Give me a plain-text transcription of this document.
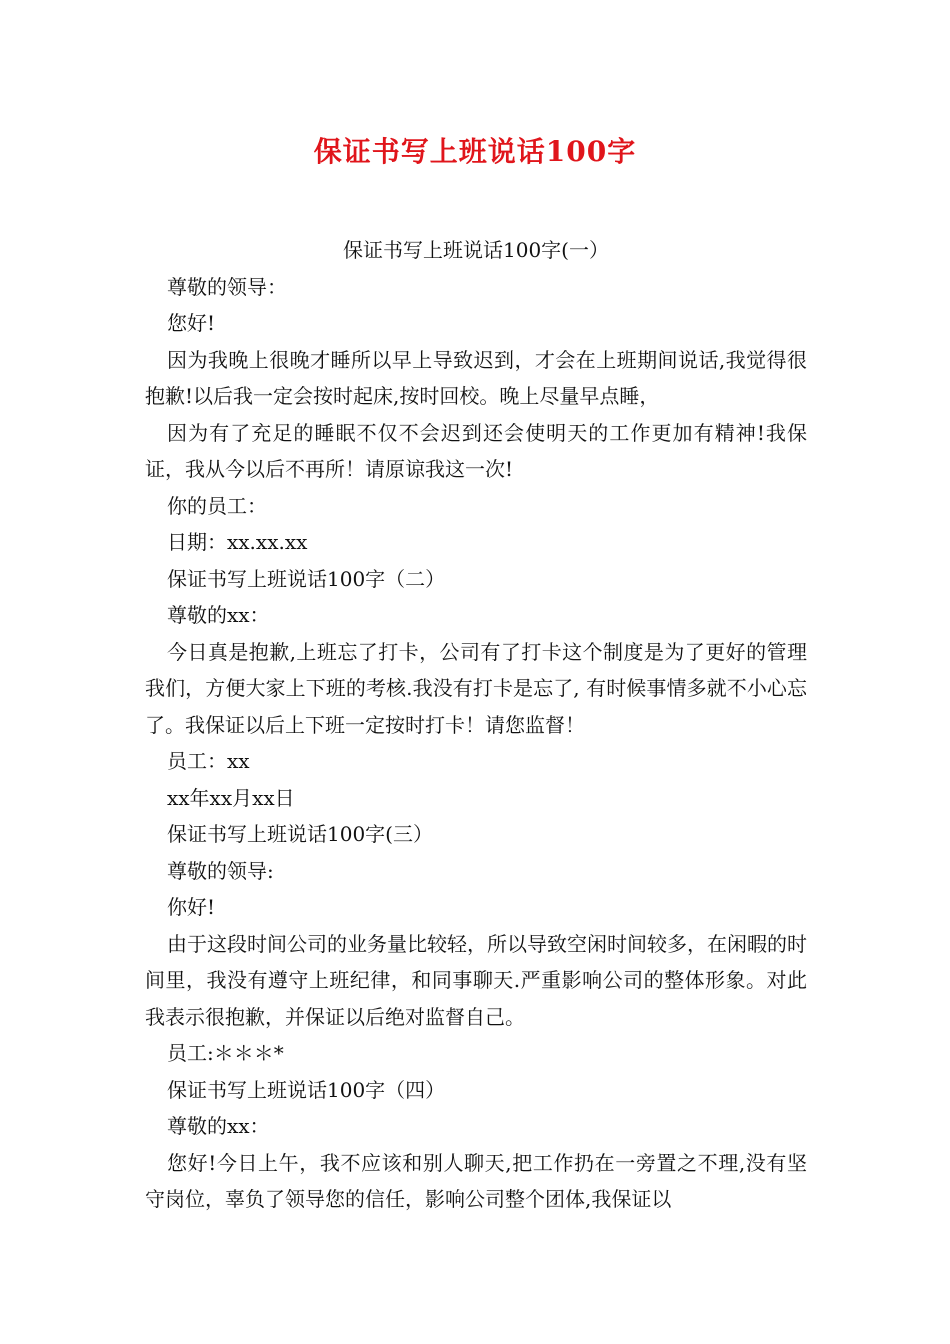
保证书写上班说话100字
保证书写上班说话100字(一）
尊敬的领导：
您好!
因为我晚上很晚才睡所以早上导致迟到，才会在上班期间说话,我觉得很抱歉!以后我一定会按时起床,按时回校。晚上尽量早点睡，
因为有了充足的睡眠不仅不会迟到还会使明天的工作更加有精神!我保证，我从今以后不再所！请原谅我这一次!
你的员工：
日期：xx.xx.xx
保证书写上班说话100字（二）
尊敬的xx：
今日真是抱歉,上班忘了打卡，公司有了打卡这个制度是为了更好的管理我们，方便大家上下班的考核.我没有打卡是忘了, 有时候事情多就不小心忘了。我保证以后上下班一定按时打卡！请您监督！
员工：xx
xx年xx月xx日
保证书写上班说话100字(三）
尊敬的领导:
你好!
由于这段时间公司的业务量比较轻，所以导致空闲时间较多，在闲暇的时间里，我没有遵守上班纪律，和同事聊天.严重影响公司的整体形象。对此我表示很抱歉，并保证以后绝对监督自己。
员工:＊＊＊*
保证书写上班说话100字（四）
尊敬的xx：
您好!今日上午，我不应该和别人聊天,把工作扔在一旁置之不理,没有坚守岗位，辜负了领导您的信任，影响公司整个团体,我保证以
